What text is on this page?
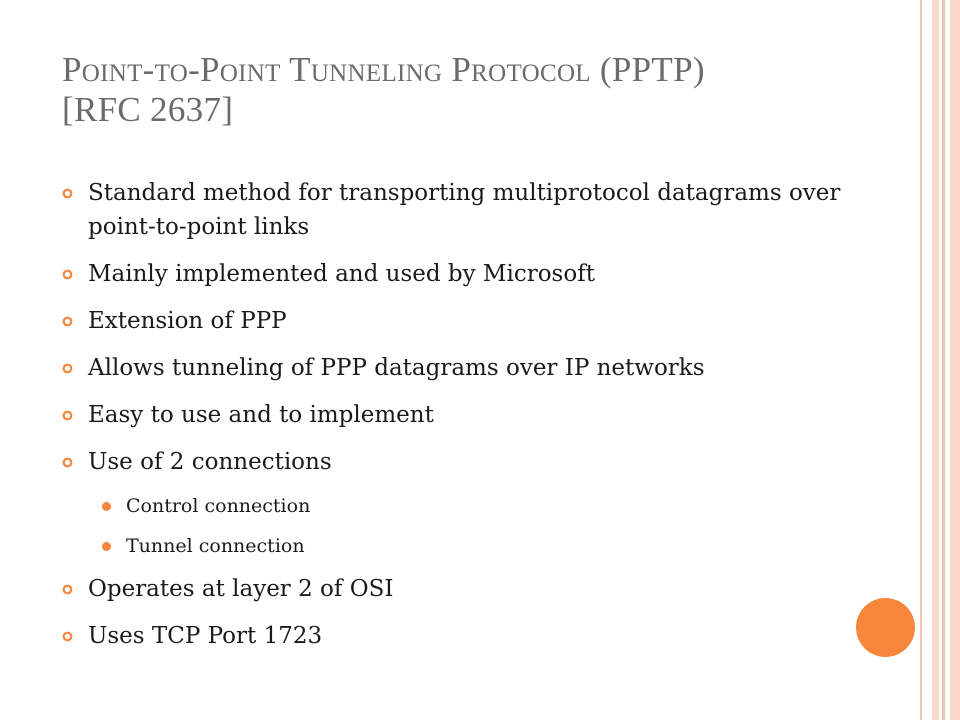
Point-to-Point Tunneling Protocol (PPTP)
[RFC 2637]
Standard method for transporting multiprotocol datagrams over point-to-point links
Mainly implemented and used by Microsoft
Extension of PPP
Allows tunneling of PPP datagrams over IP networks
Easy to use and to implement
Use of 2 connections
Control connection
Tunnel connection
Operates at layer 2 of OSI
Uses TCP Port 1723
